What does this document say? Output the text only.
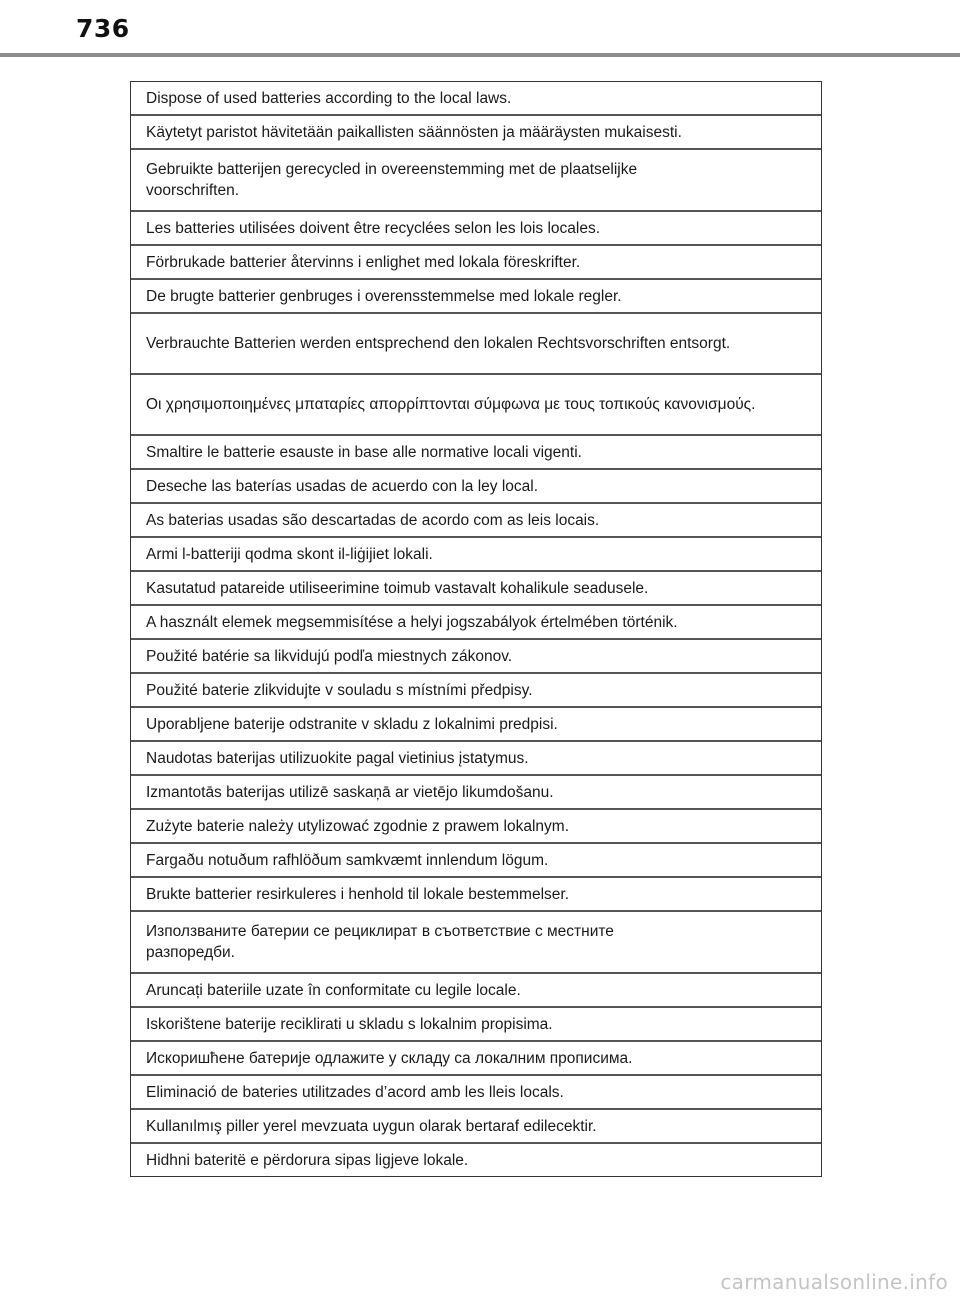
736
Dispose of used batteries according to the local laws.
Käytetyt paristot hävitetään paikallisten säännösten ja määräysten mukaisesti.
Gebruikte batterijen gerecycled in overeenstemming met de plaatselijke voorschriften.
Les batteries utilisées doivent être recyclées selon les lois locales.
Förbrukade batterier återvinns i enlighet med lokala föreskrifter.
De brugte batterier genbruges i overensstemmelse med lokale regler.
Verbrauchte Batterien werden entsprechend den lokalen Rechtsvorschriften entsorgt.
Οι χρησιμοποιημένες μπαταρίες απορρίπτονται σύμφωνα με τους τοπικούς κανονισμούς.
Smaltire le batterie esauste in base alle normative locali vigenti.
Deseche las baterías usadas de acuerdo con la ley local.
As baterias usadas são descartadas de acordo com as leis locais.
Armi l-batteriji qodma skont il-liġijiet lokali.
Kasutatud patareide utiliseerimine toimub vastavalt kohalikule seadusele.
A használt elemek megsemmisítése a helyi jogszabályok értelmében történik.
Použité batérie sa likvidujú podľa miestnych zákonov.
Použité baterie zlikvidujte v souladu s místními předpisy.
Uporabljene baterije odstranite v skladu z lokalnimi predpisi.
Naudotas baterijas utilizuokite pagal vietinius įstatymus.
Izmantotās baterijas utilizē saskaņā ar vietējo likumdošanu.
Zużyte baterie należy utylizować zgodnie z prawem lokalnym.
Fargaðu notuðum rafhlöðum samkvæmt innlendum lögum.
Brukte batterier resirkuleres i henhold til lokale bestemmelser.
Използваните батерии се рециклират в съответствие с местните разпоредби.
Aruncați bateriile uzate în conformitate cu legile locale.
Iskorištene baterije reciklirati u skladu s lokalnim propisima.
Искоришћене батерије одлажите у складу са локалним прописима.
Eliminació de bateries utilitzades d’acord amb les lleis locals.
Kullanılmış piller yerel mevzuata uygun olarak bertaraf edilecektir.
Hidhni bateritë e përdorura sipas ligjeve lokale.
carmanualsonline.info
